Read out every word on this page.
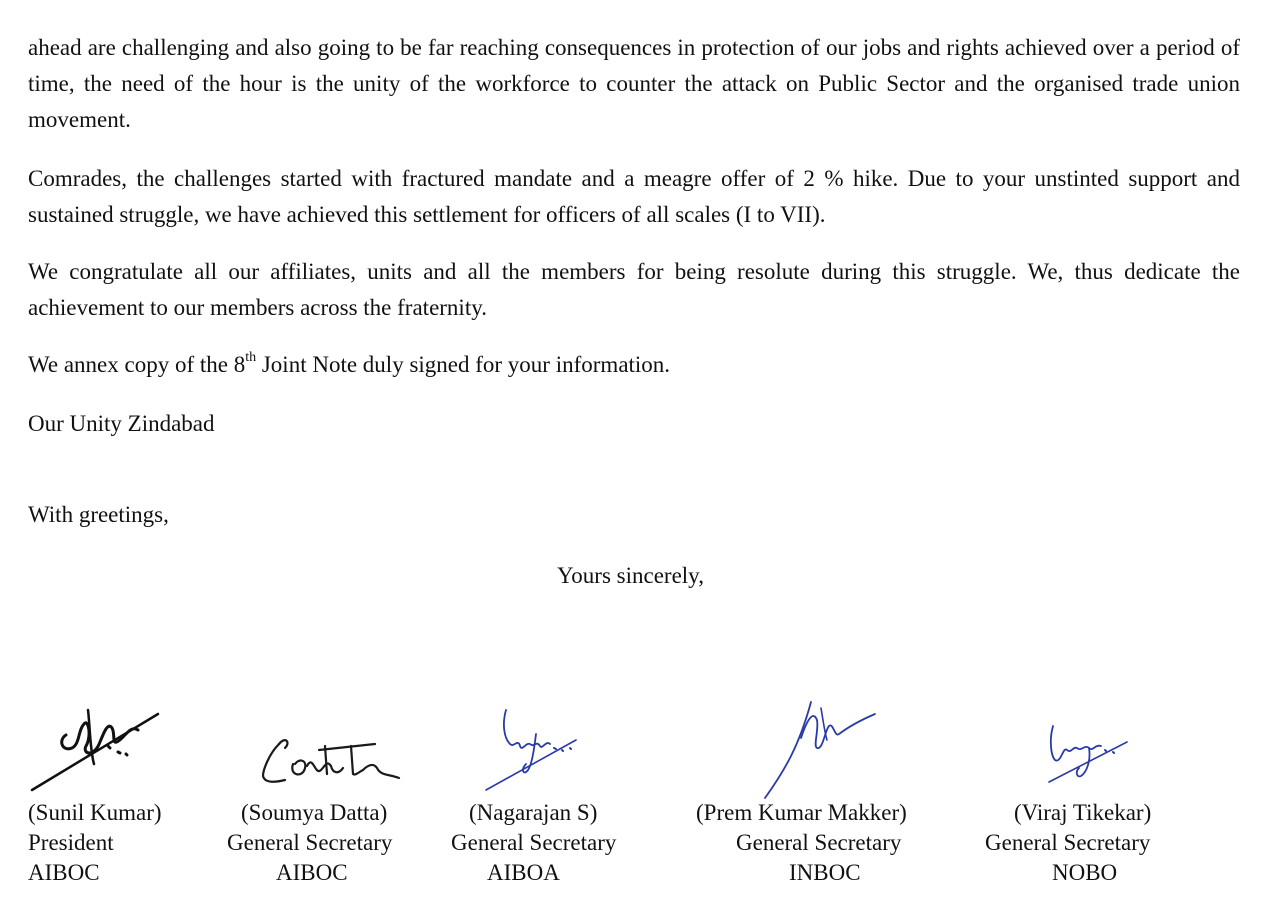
ahead are challenging and also going to be far reaching consequences in protection of our jobs and rights achieved over a period of time, the need of the hour is the unity of the workforce to counter the attack on Public Sector and the organised trade union movement.

Comrades, the challenges started with fractured mandate and a meagre offer of 2 % hike. Due to your unstinted support and sustained struggle, we have achieved this settlement for officers of all scales (I to VII).

We congratulate all our affiliates, units and all the members for being resolute during this struggle. We, thus dedicate the achievement to our members across the fraternity.

We annex copy of the 8th Joint Note duly signed for your information.
Our Unity Zindabad
With greetings,
Yours sincerely,
(Sunil Kumar)
President
AIBOC
(Soumya Datta)
General Secretary
AIBOC
(Nagarajan S)
General Secretary
AIBOA
(Prem Kumar Makker)
General Secretary
INBOC
(Viraj Tikekar)
General Secretary
NOBO
